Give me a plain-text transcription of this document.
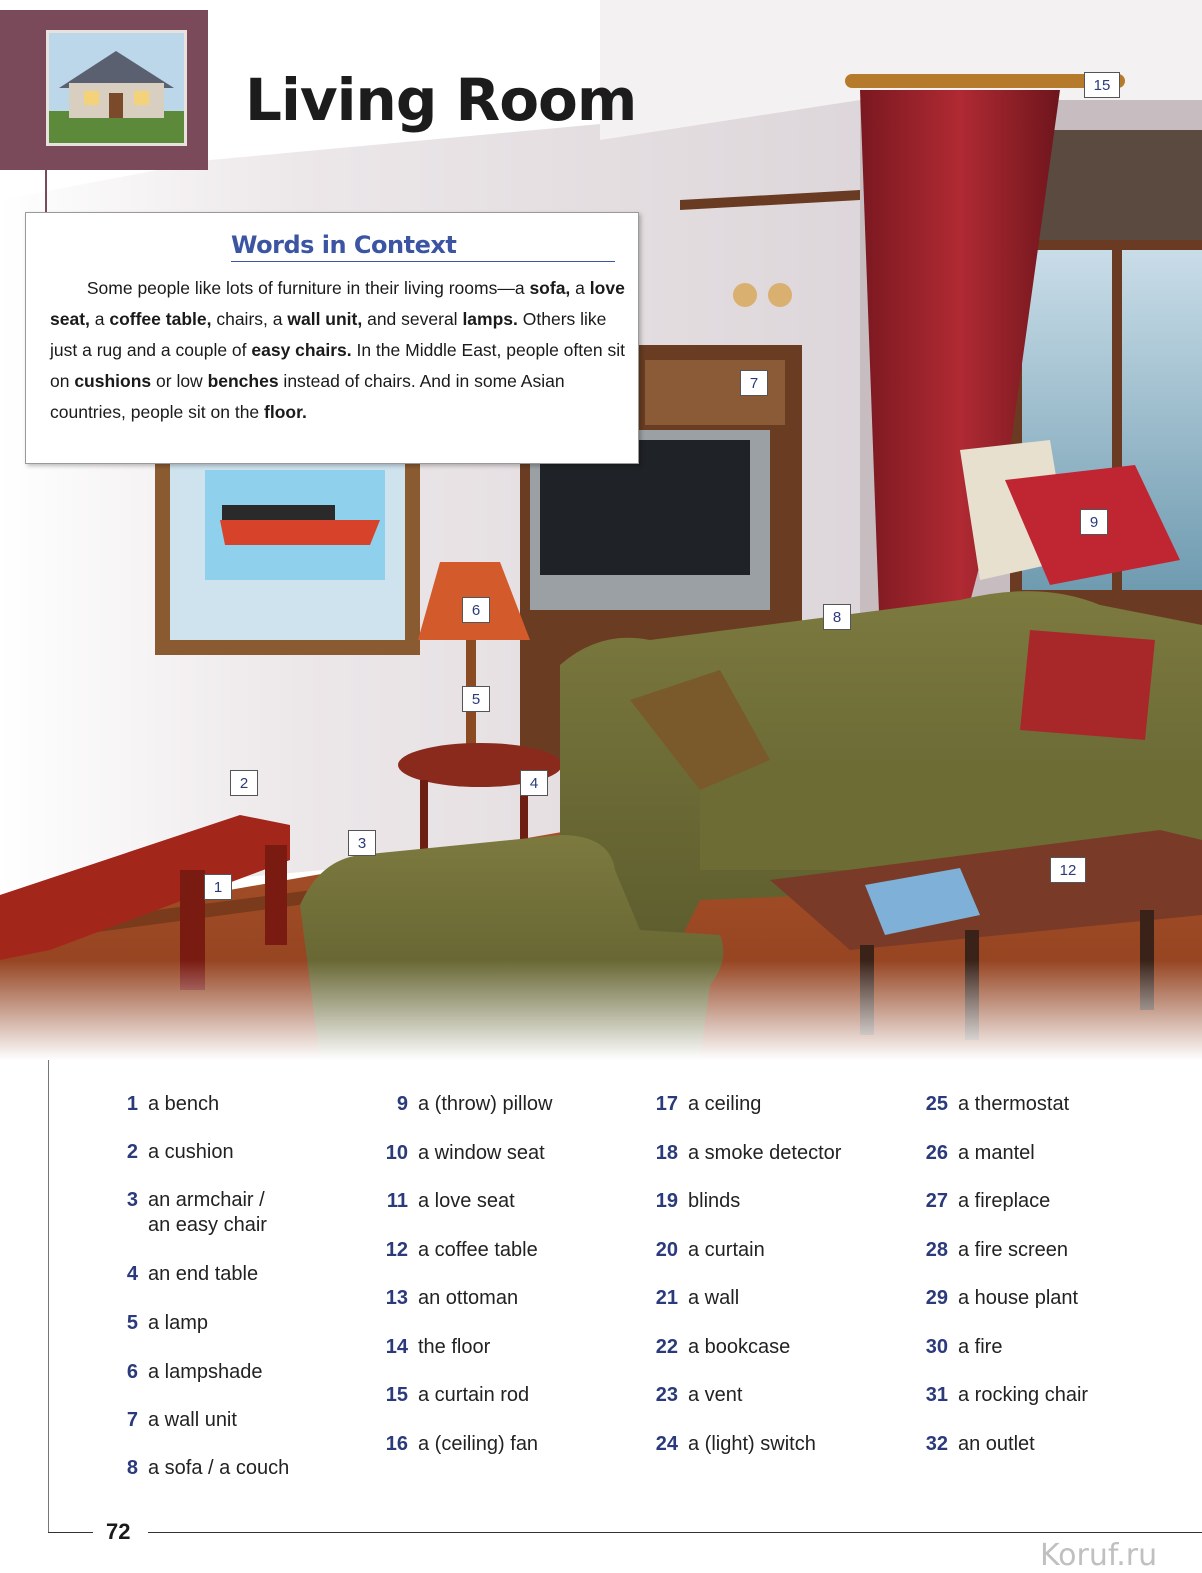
Living Room
Words in Context

Some people like lots of furniture in their living rooms—a sofa, a love seat, a coffee table, chairs, a wall unit, and several lamps. Others like just a rug and a couple of easy chairs. In the Middle East, people often sit on cushions or low benches instead of chairs. And in some Asian countries, people sit on the floor.

1
2
3
4
5
6
7
8
9
12
15
1 a bench
2 a cushion
3 an armchair /
an easy chair
4 an end table
5 a lamp
6 a lampshade
7 a wall unit
8 a sofa / a couch
9 a (throw) pillow
10 a window seat
11 a love seat
12 a coffee table
13 an ottoman
14 the floor
15 a curtain rod
16 a (ceiling) fan
17 a ceiling
18 a smoke detector
19 blinds
20 a curtain
21 a wall
22 a bookcase
23 a vent
24 a (light) switch
25 a thermostat
26 a mantel
27 a fireplace
28 a fire screen
29 a house plant
30 a fire
31 a rocking chair
32 an outlet
72
Koruf.ru
